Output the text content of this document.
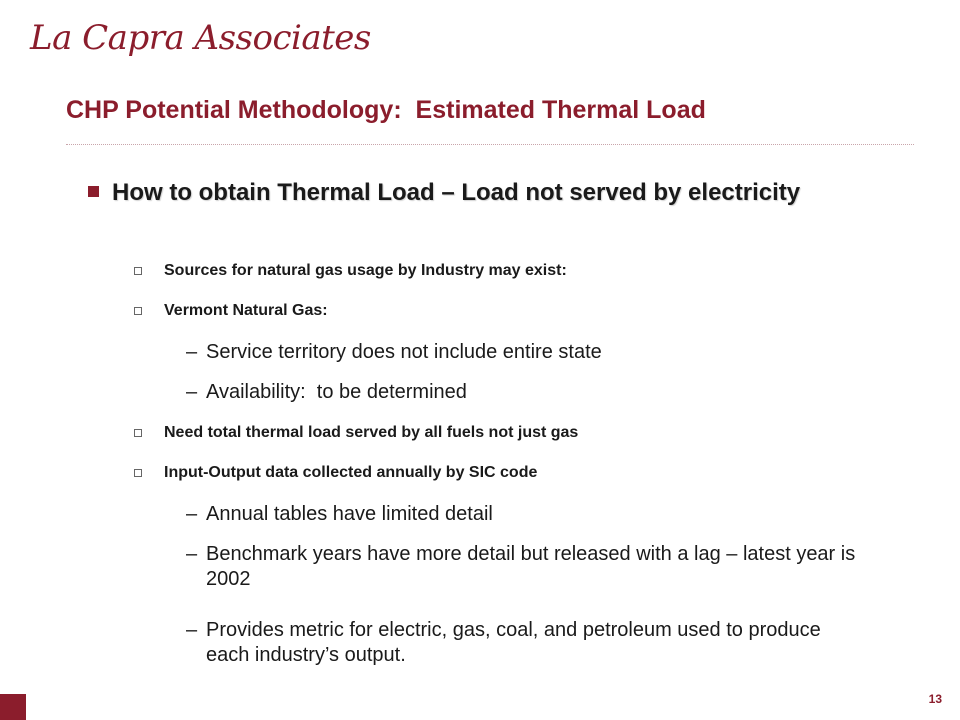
La Capra Associates
CHP Potential Methodology:  Estimated Thermal Load
How to obtain Thermal Load – Load not served by electricity
Sources for natural gas usage by Industry may exist:
Vermont Natural Gas:
– Service territory does not include entire state
– Availability:  to be determined
Need total thermal load served by all fuels not just gas
Input-Output data collected annually by SIC code
– Annual tables have limited detail
– Benchmark years have more detail but released with a lag – latest year is 2002
– Provides metric for electric, gas, coal, and petroleum used to produce each industry’s output.
13
